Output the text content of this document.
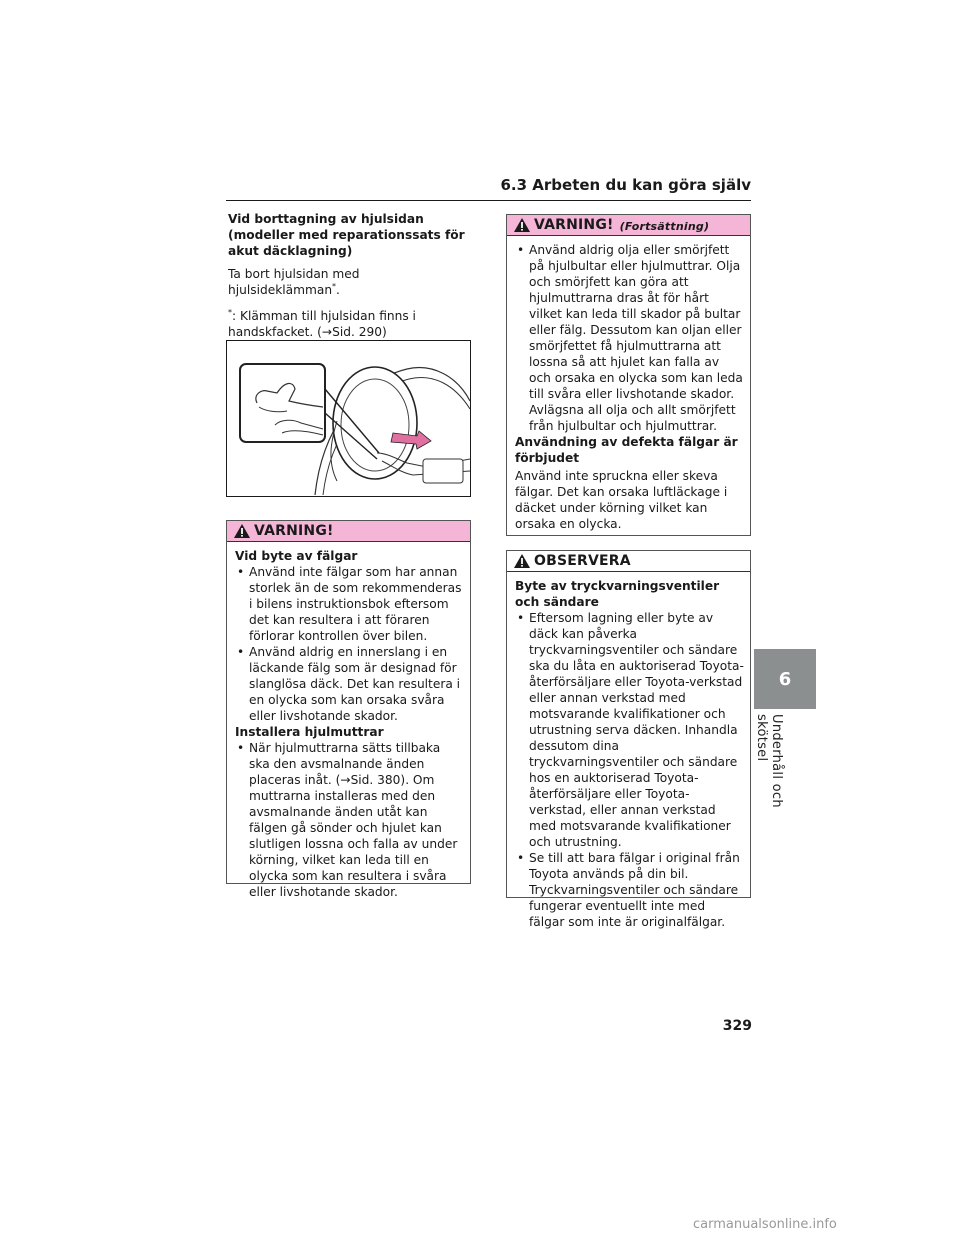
6.3 Arbeten du kan göra själv

Vid borttagning av hjulsidan (modeller med reparationssats för akut däcklagning)

Ta bort hjulsidan med hjulsideklämman*.

*: Klämman till hjulsidan finns i handskfacket. (→Sid. 290)

VARNING!

Vid byte av fälgar

• Använd inte fälgar som har annan storlek än de som rekommenderas i bilens instruktionsbok eftersom det kan resultera i att föraren förlorar kontrollen över bilen.
• Använd aldrig en innerslang i en läckande fälg som är designad för slanglösa däck. Det kan resultera i en olycka som kan orsaka svåra eller livshotande skador.

Installera hjulmuttrar

• När hjulmuttrarna sätts tillbaka ska den avsmalnande änden placeras inåt. (→Sid. 380). Om muttrarna installeras med den avsmalnande änden utåt kan fälgen gå sönder och hjulet kan slutligen lossna och falla av under körning, vilket kan leda till en olycka som kan resultera i svåra eller livshotande skador.
VARNING! (Fortsättning)
• Använd aldrig olja eller smörjfett på hjulbultar eller hjulmuttrar. Olja och smörjfett kan göra att hjulmuttrarna dras åt för hårt vilket kan leda till skador på bultar eller fälg. Dessutom kan oljan eller smörjfettet få hjulmuttrarna att lossna så att hjulet kan falla av och orsaka en olycka som kan leda till svåra eller livshotande skador. Avlägsna all olja och allt smörjfett från hjulbultar och hjulmuttrar.

Användning av defekta fälgar är förbjudet

Använd inte spruckna eller skeva fälgar. Det kan orsaka luftläckage i däcket under körning vilket kan orsaka en olycka.

OBSERVERA

Byte av tryckvarningsventiler och sändare

• Eftersom lagning eller byte av däck kan påverka tryckvarningsventiler och sändare ska du låta en auktoriserad Toyota-återförsäljare eller Toyota-verkstad eller annan verkstad med motsvarande kvalifikationer och utrustning serva däcken. Inhandla dessutom dina tryckvarningsventiler och sändare hos en auktoriserad Toyota-återförsäljare eller Toyota-verkstad, eller annan verkstad med motsvarande kvalifikationer och utrustning.
• Se till att bara fälgar i original från Toyota används på din bil. Tryckvarningsventiler och sändare fungerar eventuellt inte med fälgar som inte är originalfälgar.
6
Underhåll och skötsel
329
carmanualsonline.info
